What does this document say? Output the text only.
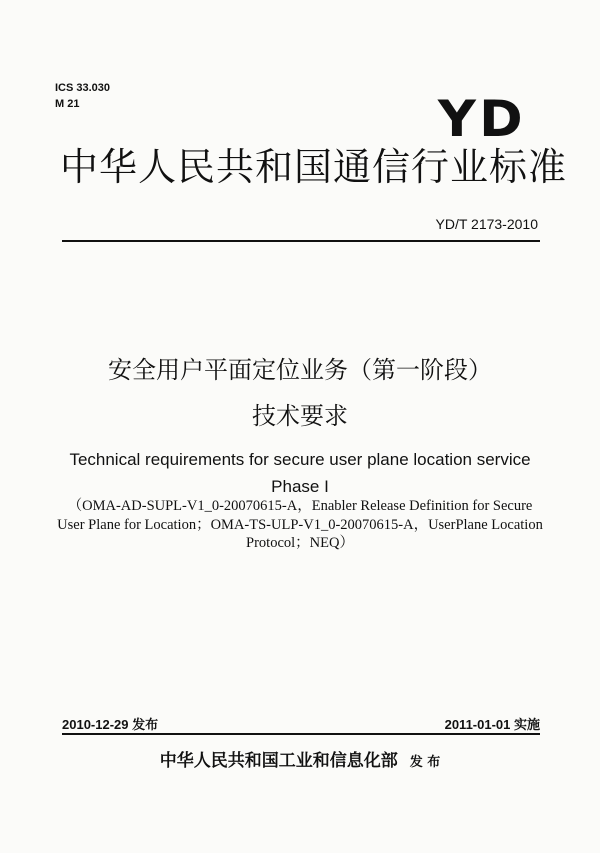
ICS 33.030
M 21	YD
中华人民共和国通信行业标准
YD/T 2173-2010
安全用户平面定位业务（第一阶段）
技术要求
Technical requirements for secure user plane location service
Phase I
（OMA-AD-SUPL-V1_0-20070615-A，Enabler Release Definition for Secure
User Plane for Location；OMA-TS-ULP-V1_0-20070615-A，UserPlane Location
Protocol；NEQ）
2010-12-29 发布	2011-01-01 实施
中华人民共和国工业和信息化部 发 布
